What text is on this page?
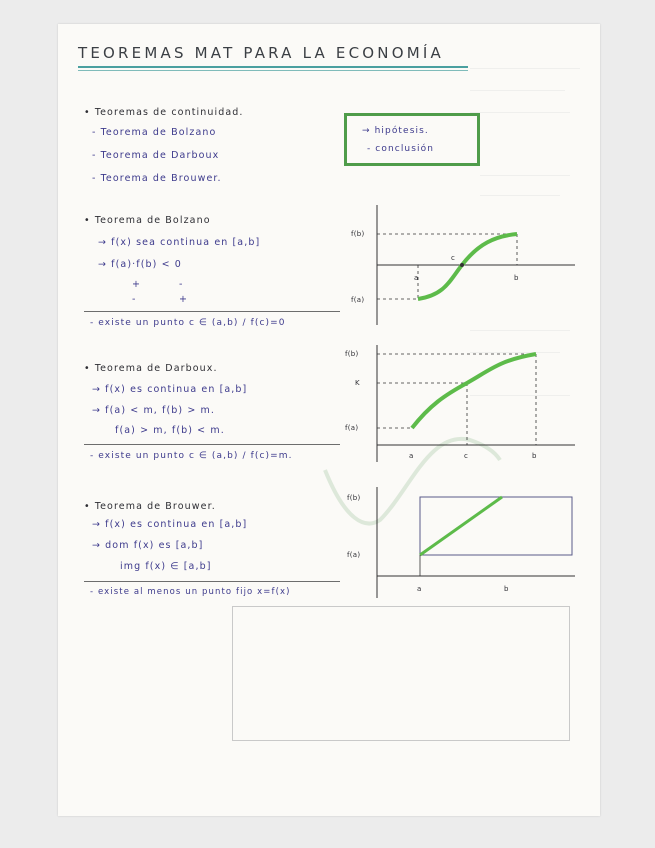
TEOREMAS MAT PARA LA ECONOMÍA
• Teoremas de continuidad.
- Teorema de Bolzano
- Teorema de Darboux
- Teorema de Brouwer.
→ hipótesis.
- conclusión
• Teorema de Bolzano
→ f(x) sea continua en [a,b]
→ f(a)·f(b) < 0
+	-
-	+
- existe un punto c ∈ (a,b) / f(c)=0
• Teorema de Darboux.
→ f(x) es continua en [a,b]
→ f(a) < m, f(b) > m.
f(a) > m, f(b) < m.
- existe un punto c ∈ (a,b) / f(c)=m.
• Teorema de Brouwer.
→ f(x) es continua en [a,b]
→ dom f(x) es [a,b]
img f(x) ∈ [a,b]
- existe al menos un punto fijo x=f(x)
f(b)
f(a)
a	b
c
f(b)
K
f(a)
a	c	b
f(b)
f(a)
a	b
